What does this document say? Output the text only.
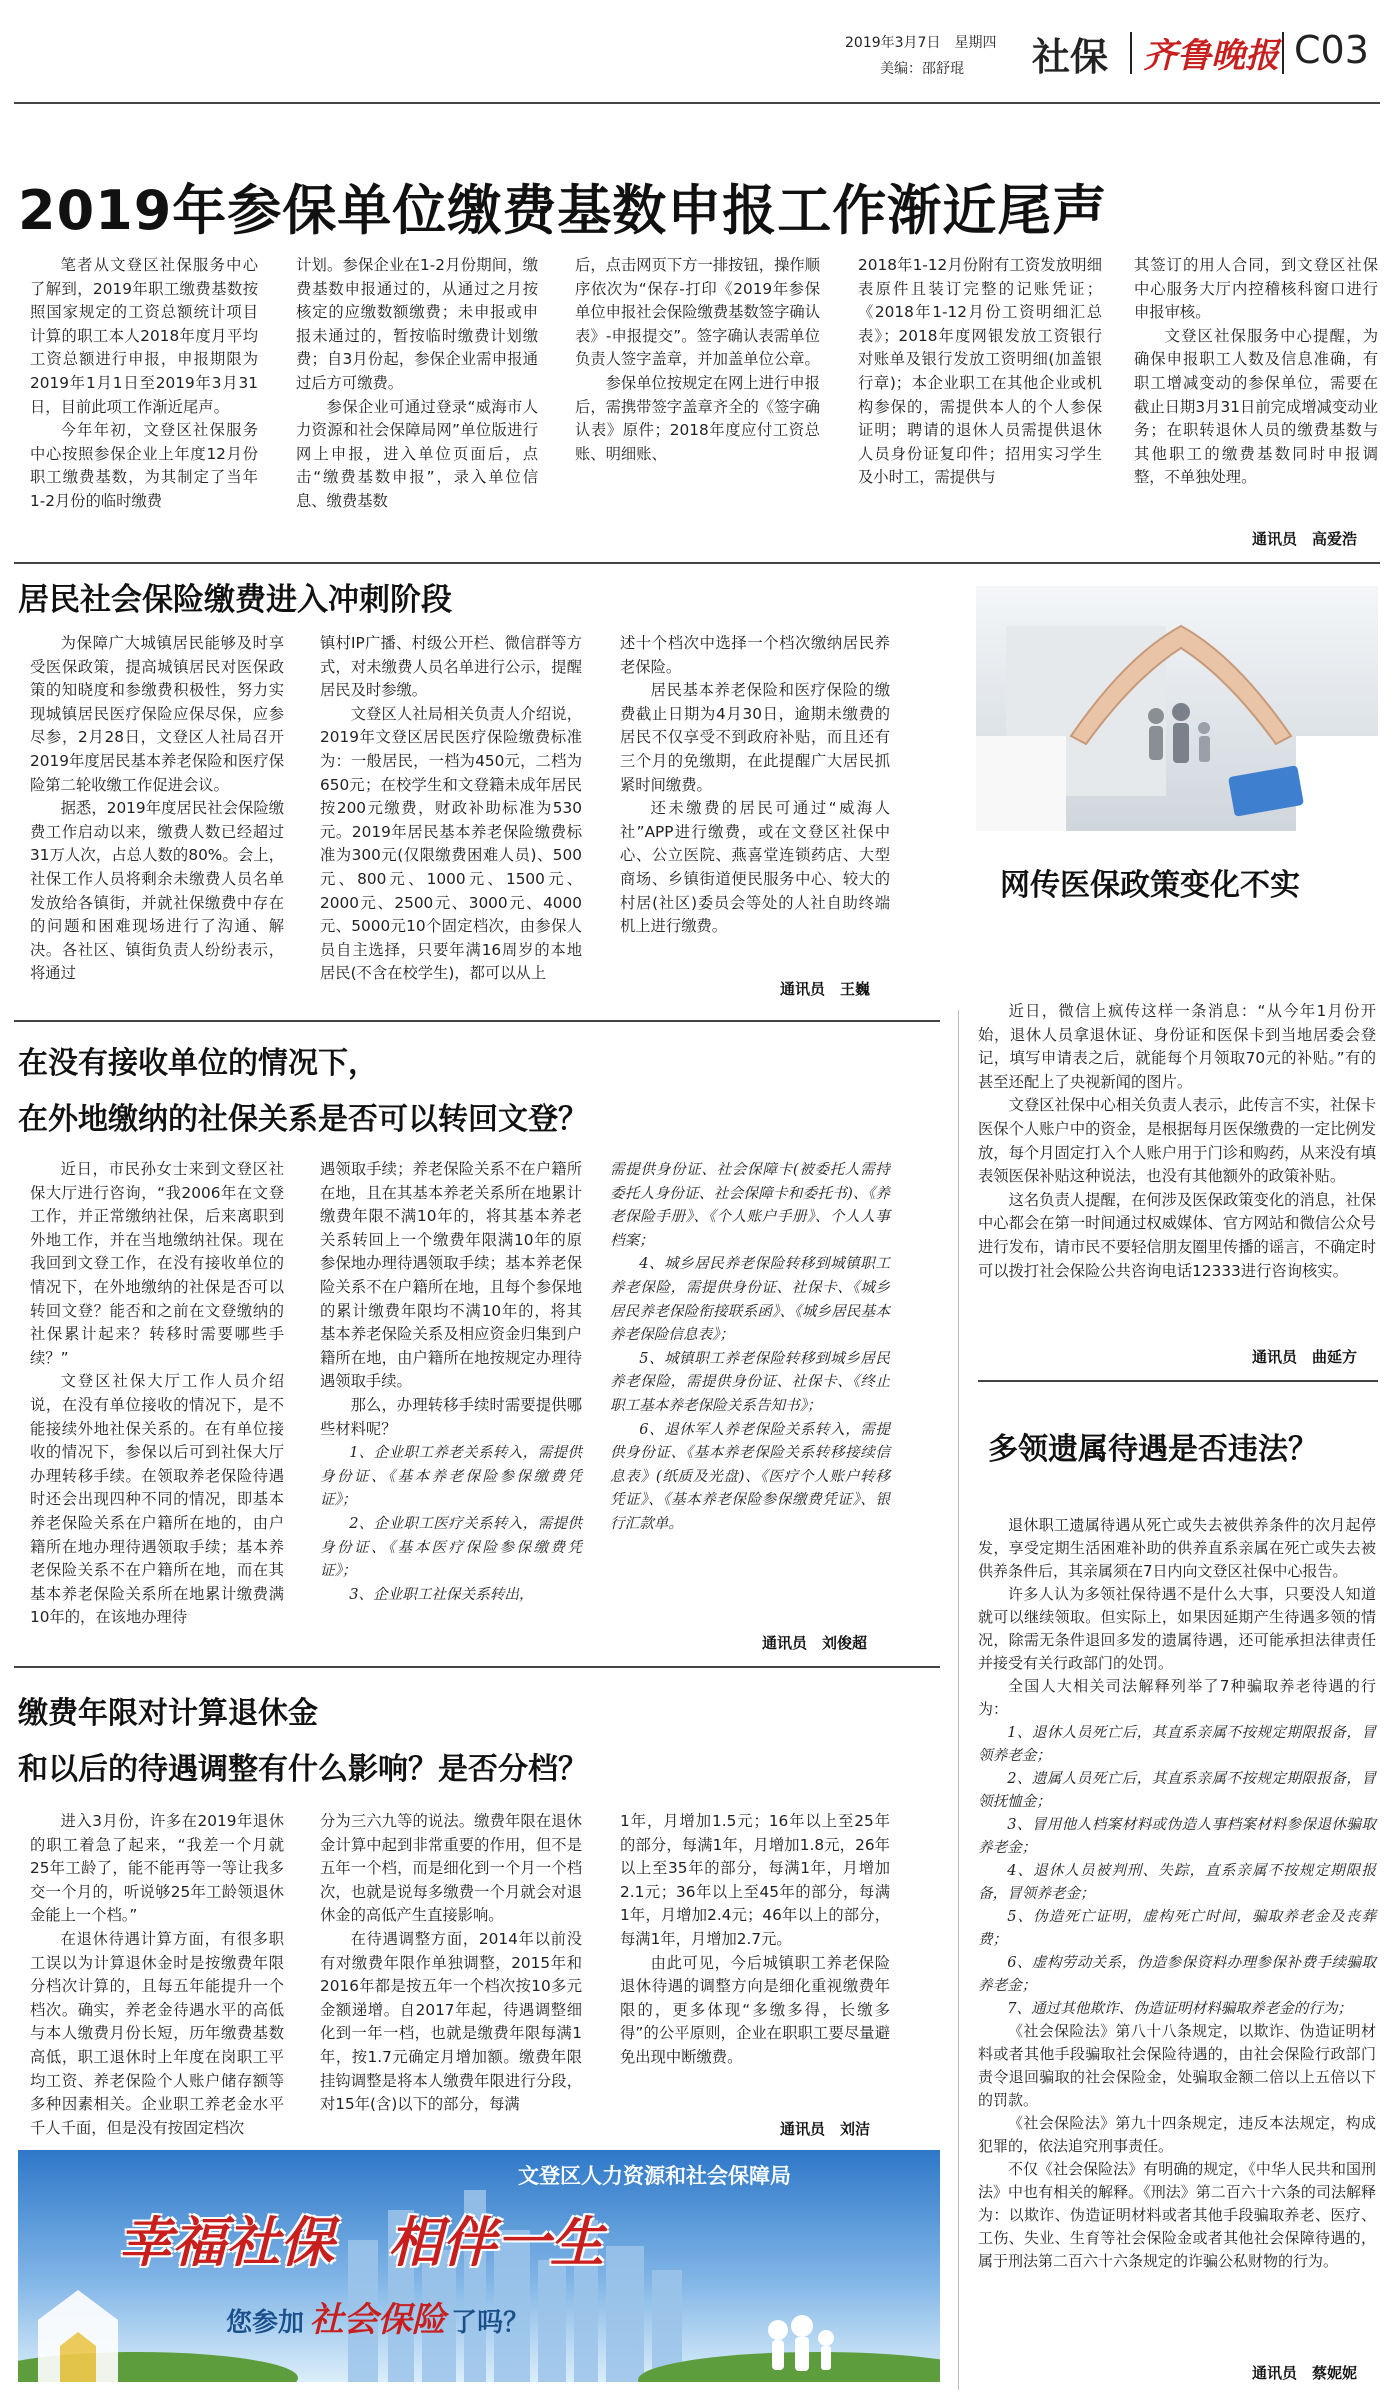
2019年3月7日　 星期四
美编：邵舒琨 社保 齐鲁晚报 C03
2019年参保单位缴费基数申报工作渐近尾声

笔者从文登区社保服务中心了解到，2019年职工缴费基数按照国家规定的工资总额统计项目计算的职工本人2018年度月平均工资总额进行申报，申报期限为2019年1月1日至2019年3月31日，目前此项工作渐近尾声。

今年年初，文登区社保服务中心按照参保企业上年度12月份职工缴费基数，为其制定了当年1-2月份的临时缴费

计划。参保企业在1-2月份期间，缴费基数申报通过的，从通过之月按核定的应缴数额缴费；未申报或申报未通过的，暂按临时缴费计划缴费；自3月份起，参保企业需申报通过后方可缴费。

参保企业可通过登录“威海市人力资源和社会保障局网”单位版进行网上申报，进入单位页面后，点击“缴费基数申报”，录入单位信息、缴费基数

后，点击网页下方一排按钮，操作顺序依次为“保存-打印《2019年参保单位申报社会保险缴费基数签字确认表》-申报提交”。签字确认表需单位负责人签字盖章，并加盖单位公章。

参保单位按规定在网上进行申报后，需携带签字盖章齐全的《签字确认表》原件；2018年度应付工资总账、明细账、

2018年1-12月份附有工资发放明细表原件且装订完整的记账凭证；《2018年1-12月份工资明细汇总表》；2018年度网银发放工资银行对账单及银行发放工资明细(加盖银行章)；本企业职工在其他企业或机构参保的，需提供本人的个人参保证明；聘请的退休人员需提供退休人员身份证复印件；招用实习学生及小时工，需提供与

其签订的用人合同，到文登区社保中心服务大厅内控稽核科窗口进行申报审核。

文登区社保服务中心提醒，为确保申报职工人数及信息准确，有职工增减变动的参保单位，需要在截止日期3月31日前完成增减变动业务；在职转退休人员的缴费基数与其他职工的缴费基数同时申报调整，不单独处理。

通讯员　高爱浩
居民社会保险缴费进入冲刺阶段

为保障广大城镇居民能够及时享受医保政策，提高城镇居民对医保政策的知晓度和参缴费积极性，努力实现城镇居民医疗保险应保尽保，应参尽参，2月28日，文登区人社局召开2019年度居民基本养老保险和医疗保险第二轮收缴工作促进会议。

据悉，2019年度居民社会保险缴费工作启动以来，缴费人数已经超过31万人次，占总人数的80%。会上，社保工作人员将剩余未缴费人员名单发放给各镇街，并就社保缴费中存在的问题和困难现场进行了沟通、解决。各社区、镇街负责人纷纷表示，将通过

镇村IP广播、村级公开栏、微信群等方式，对未缴费人员名单进行公示，提醒居民及时参缴。

文登区人社局相关负责人介绍说，2019年文登区居民医疗保险缴费标准为：一般居民，一档为450元，二档为650元；在校学生和文登籍未成年居民按200元缴费，财政补助标准为530元。2019年居民基本养老保险缴费标准为300元(仅限缴费困难人员)、500元、800元、1000元、1500元、2000元、2500元、3000元、4000元、5000元10个固定档次，由参保人员自主选择，只要年满16周岁的本地居民(不含在校学生)，都可以从上

述十个档次中选择一个档次缴纳居民养老保险。

居民基本养老保险和医疗保险的缴费截止日期为4月30日，逾期未缴费的居民不仅享受不到政府补贴，而且还有三个月的免缴期，在此提醒广大居民抓紧时间缴费。

还未缴费的居民可通过“威海人社”APP进行缴费，或在文登区社保中心、公立医院、燕喜堂连锁药店、大型商场、乡镇街道便民服务中心、较大的村居(社区)委员会等处的人社自助终端机上进行缴费。

通讯员　王巍
网传医保政策变化不实

近日，微信上疯传这样一条消息：“从今年1月份开始，退休人员拿退休证、身份证和医保卡到当地居委会登记，填写申请表之后，就能每个月领取70元的补贴。”有的甚至还配上了央视新闻的图片。

文登区社保中心相关负责人表示，此传言不实，社保卡医保个人账户中的资金，是根据每月医保缴费的一定比例发放，每个月固定打入个人账户用于门诊和购药，从来没有填表领医保补贴这种说法，也没有其他额外的政策补贴。

这名负责人提醒，在何涉及医保政策变化的消息，社保中心都会在第一时间通过权威媒体、官方网站和微信公众号进行发布，请市民不要轻信朋友圈里传播的谣言，不确定时可以拨打社会保险公共咨询电话12333进行咨询核实。

通讯员　曲延方
在没有接收单位的情况下，
在外地缴纳的社保关系是否可以转回文登？

近日，市民孙女士来到文登区社保大厅进行咨询，“我2006年在文登工作，并正常缴纳社保，后来离职到外地工作，并在当地缴纳社保。现在我回到文登工作，在没有接收单位的情况下，在外地缴纳的社保是否可以转回文登？能否和之前在文登缴纳的社保累计起来？转移时需要哪些手续？”

文登区社保大厅工作人员介绍说，在没有单位接收的情况下，是不能接续外地社保关系的。在有单位接收的情况下，参保以后可到社保大厅办理转移手续。在领取养老保险待遇时还会出现四种不同的情况，即基本养老保险关系在户籍所在地的，由户籍所在地办理待遇领取手续；基本养老保险关系不在户籍所在地，而在其基本养老保险关系所在地累计缴费满10年的，在该地办理待

遇领取手续；养老保险关系不在户籍所在地，且在其基本养老关系所在地累计缴费年限不满10年的，将其基本养老关系转回上一个缴费年限满10年的原参保地办理待遇领取手续；基本养老保险关系不在户籍所在地，且每个参保地的累计缴费年限均不满10年的，将其基本养老保险关系及相应资金归集到户籍所在地，由户籍所在地按规定办理待遇领取手续。

那么，办理转移手续时需要提供哪些材料呢？

1、企业职工养老关系转入，需提供身份证、《基本养老保险参保缴费凭证》；

2、企业职工医疗关系转入，需提供身份证、《基本医疗保险参保缴费凭证》；

3、企业职工社保关系转出，

需提供身份证、社会保障卡(被委托人需持委托人身份证、社会保障卡和委托书)、《养老保险手册》、《个人账户手册》、个人人事档案；

4、城乡居民养老保险转移到城镇职工养老保险，需提供身份证、社保卡、《城乡居民养老保险衔接联系函》、《城乡居民基本养老保险信息表》；

5、城镇职工养老保险转移到城乡居民养老保险，需提供身份证、社保卡、《终止职工基本养老保险关系告知书》；

6、退休军人养老保险关系转入，需提供身份证、《基本养老保险关系转移接续信息表》(纸质及光盘)、《医疗个人账户转移凭证》、《基本养老保险参保缴费凭证》、银行汇款单。

通讯员　刘俊超
多领遗属待遇是否违法？

退休职工遗属待遇从死亡或失去被供养条件的次月起停发，享受定期生活困难补助的供养直系亲属在死亡或失去被供养条件后，其亲属须在7日内向文登区社保中心报告。

许多人认为多领社保待遇不是什么大事，只要没人知道就可以继续领取。但实际上，如果因延期产生待遇多领的情况，除需无条件退回多发的遗属待遇，还可能承担法律责任并接受有关行政部门的处罚。

全国人大相关司法解释列举了7种骗取养老待遇的行为：

1、退休人员死亡后，其直系亲属不按规定期限报备，冒领养老金；

2、遗属人员死亡后，其直系亲属不按规定期限报备，冒领抚恤金；

3、冒用他人档案材料或伪造人事档案材料参保退休骗取养老金；

4、退休人员被判刑、失踪，直系亲属不按规定期限报备，冒领养老金；

5、伪造死亡证明，虚构死亡时间，骗取养老金及丧葬费；

6、虚构劳动关系，伪造参保资料办理参保补费手续骗取养老金；

7、通过其他欺诈、伪造证明材料骗取养老金的行为；

《社会保险法》第八十八条规定，以欺诈、伪造证明材料或者其他手段骗取社会保险待遇的，由社会保险行政部门责令退回骗取的社会保险金，处骗取金额二倍以上五倍以下的罚款。

《社会保险法》第九十四条规定，违反本法规定，构成犯罪的，依法追究刑事责任。

不仅《社会保险法》有明确的规定，《中华人民共和国刑法》中也有相关的解释。《刑法》第二百六十六条的司法解释为：以欺诈、伪造证明材料或者其他手段骗取养老、医疗、工伤、失业、生育等社会保险金或者其他社会保障待遇的，属于刑法第二百六十六条规定的诈骗公私财物的行为。

通讯员　蔡妮妮
缴费年限对计算退休金
和以后的待遇调整有什么影响？是否分档？

进入3月份，许多在2019年退休的职工着急了起来，“我差一个月就25年工龄了，能不能再等一等让我多交一个月的，听说够25年工龄领退休金能上一个档。”

在退休待遇计算方面，有很多职工误以为计算退休金时是按缴费年限分档次计算的，且每五年能提升一个档次。确实，养老金待遇水平的高低与本人缴费月份长短，历年缴费基数高低，职工退休时上年度在岗职工平均工资、养老保险个人账户储存额等多种因素相关。企业职工养老金水平千人千面，但是没有按固定档次

分为三六九等的说法。缴费年限在退休金计算中起到非常重要的作用，但不是五年一个档，而是细化到一个月一个档次，也就是说每多缴费一个月就会对退休金的高低产生直接影响。

在待遇调整方面，2014年以前没有对缴费年限作单独调整，2015年和2016年都是按五年一个档次按10多元金额递增。自2017年起，待遇调整细化到一年一档，也就是缴费年限每满1年，按1.7元确定月增加额。缴费年限挂钩调整是将本人缴费年限进行分段，对15年(含)以下的部分，每满

1年，月增加1.5元；16年以上至25年的部分，每满1年，月增加1.8元，26年以上至35年的部分，每满1年，月增加2.1元；36年以上至45年的部分，每满1年，月增加2.4元；46年以上的部分，每满1年，月增加2.7元。

由此可见，今后城镇职工养老保险退休待遇的调整方向是细化重视缴费年限的，更多体现“多缴多得，长缴多得”的公平原则，企业在职职工要尽量避免出现中断缴费。

通讯员　刘洁
文登区人力资源和社会保障局
幸福社保　相伴一生
您参加 社会保险 了吗？
